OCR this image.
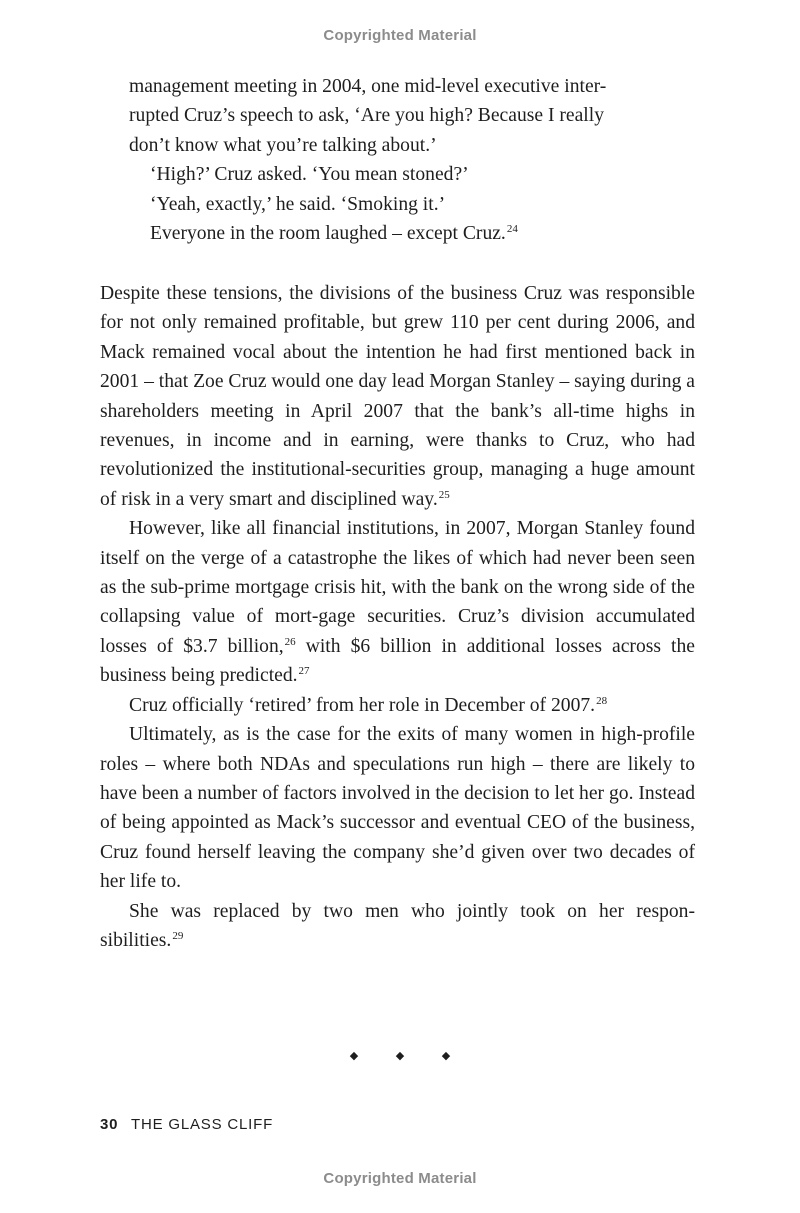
Copyrighted Material

management meeting in 2004, one mid-level executive inter-

rupted Cruz’s speech to ask, ‘Are you high? Because I really

don’t know what you’re talking about.’

‘High?’ Cruz asked. ‘You mean stoned?’

‘Yeah, exactly,’ he said. ‘Smoking it.’

Everyone in the room laughed – except Cruz.$^{24}$

Despite these tensions, the divisions of the business Cruz was responsible for not only remained profitable, but grew 110 per cent during 2006, and Mack remained vocal about the intention he had first mentioned back in 2001 – that Zoe Cruz would one day lead Morgan Stanley – saying during a shareholders meeting in April 2007 that the bank’s all-time highs in revenues, in income and in earning, were thanks to Cruz, who had revolutionized the institutional-securities group, managing a huge amount of risk in a very smart and disciplined way.$^{25}$

However, like all financial institutions, in 2007, Morgan Stanley found itself on the verge of a catastrophe the likes of which had never been seen as the sub-prime mortgage crisis hit, with the bank on the wrong side of the collapsing value of mort-gage securities. Cruz’s division accumulated losses of $3.7 billion,$^{26}$ with $6 billion in additional losses across the business being predicted.$^{27}$

Cruz officially ‘retired’ from her role in December of 2007.28

Ultimately, as is the case for the exits of many women in high-profile roles – where both NDAs and speculations run high – there are likely to have been a number of factors involved in the decision to let her go. Instead of being appointed as Mack’s successor and eventual CEO of the business, Cruz found herself leaving the company she’d given over two decades of her life to.

She was replaced by two men who jointly took on her respon-sibilities.$^{29}$

◆	◆	◆
30 THE GLASS CLIFF
Copyrighted Material
